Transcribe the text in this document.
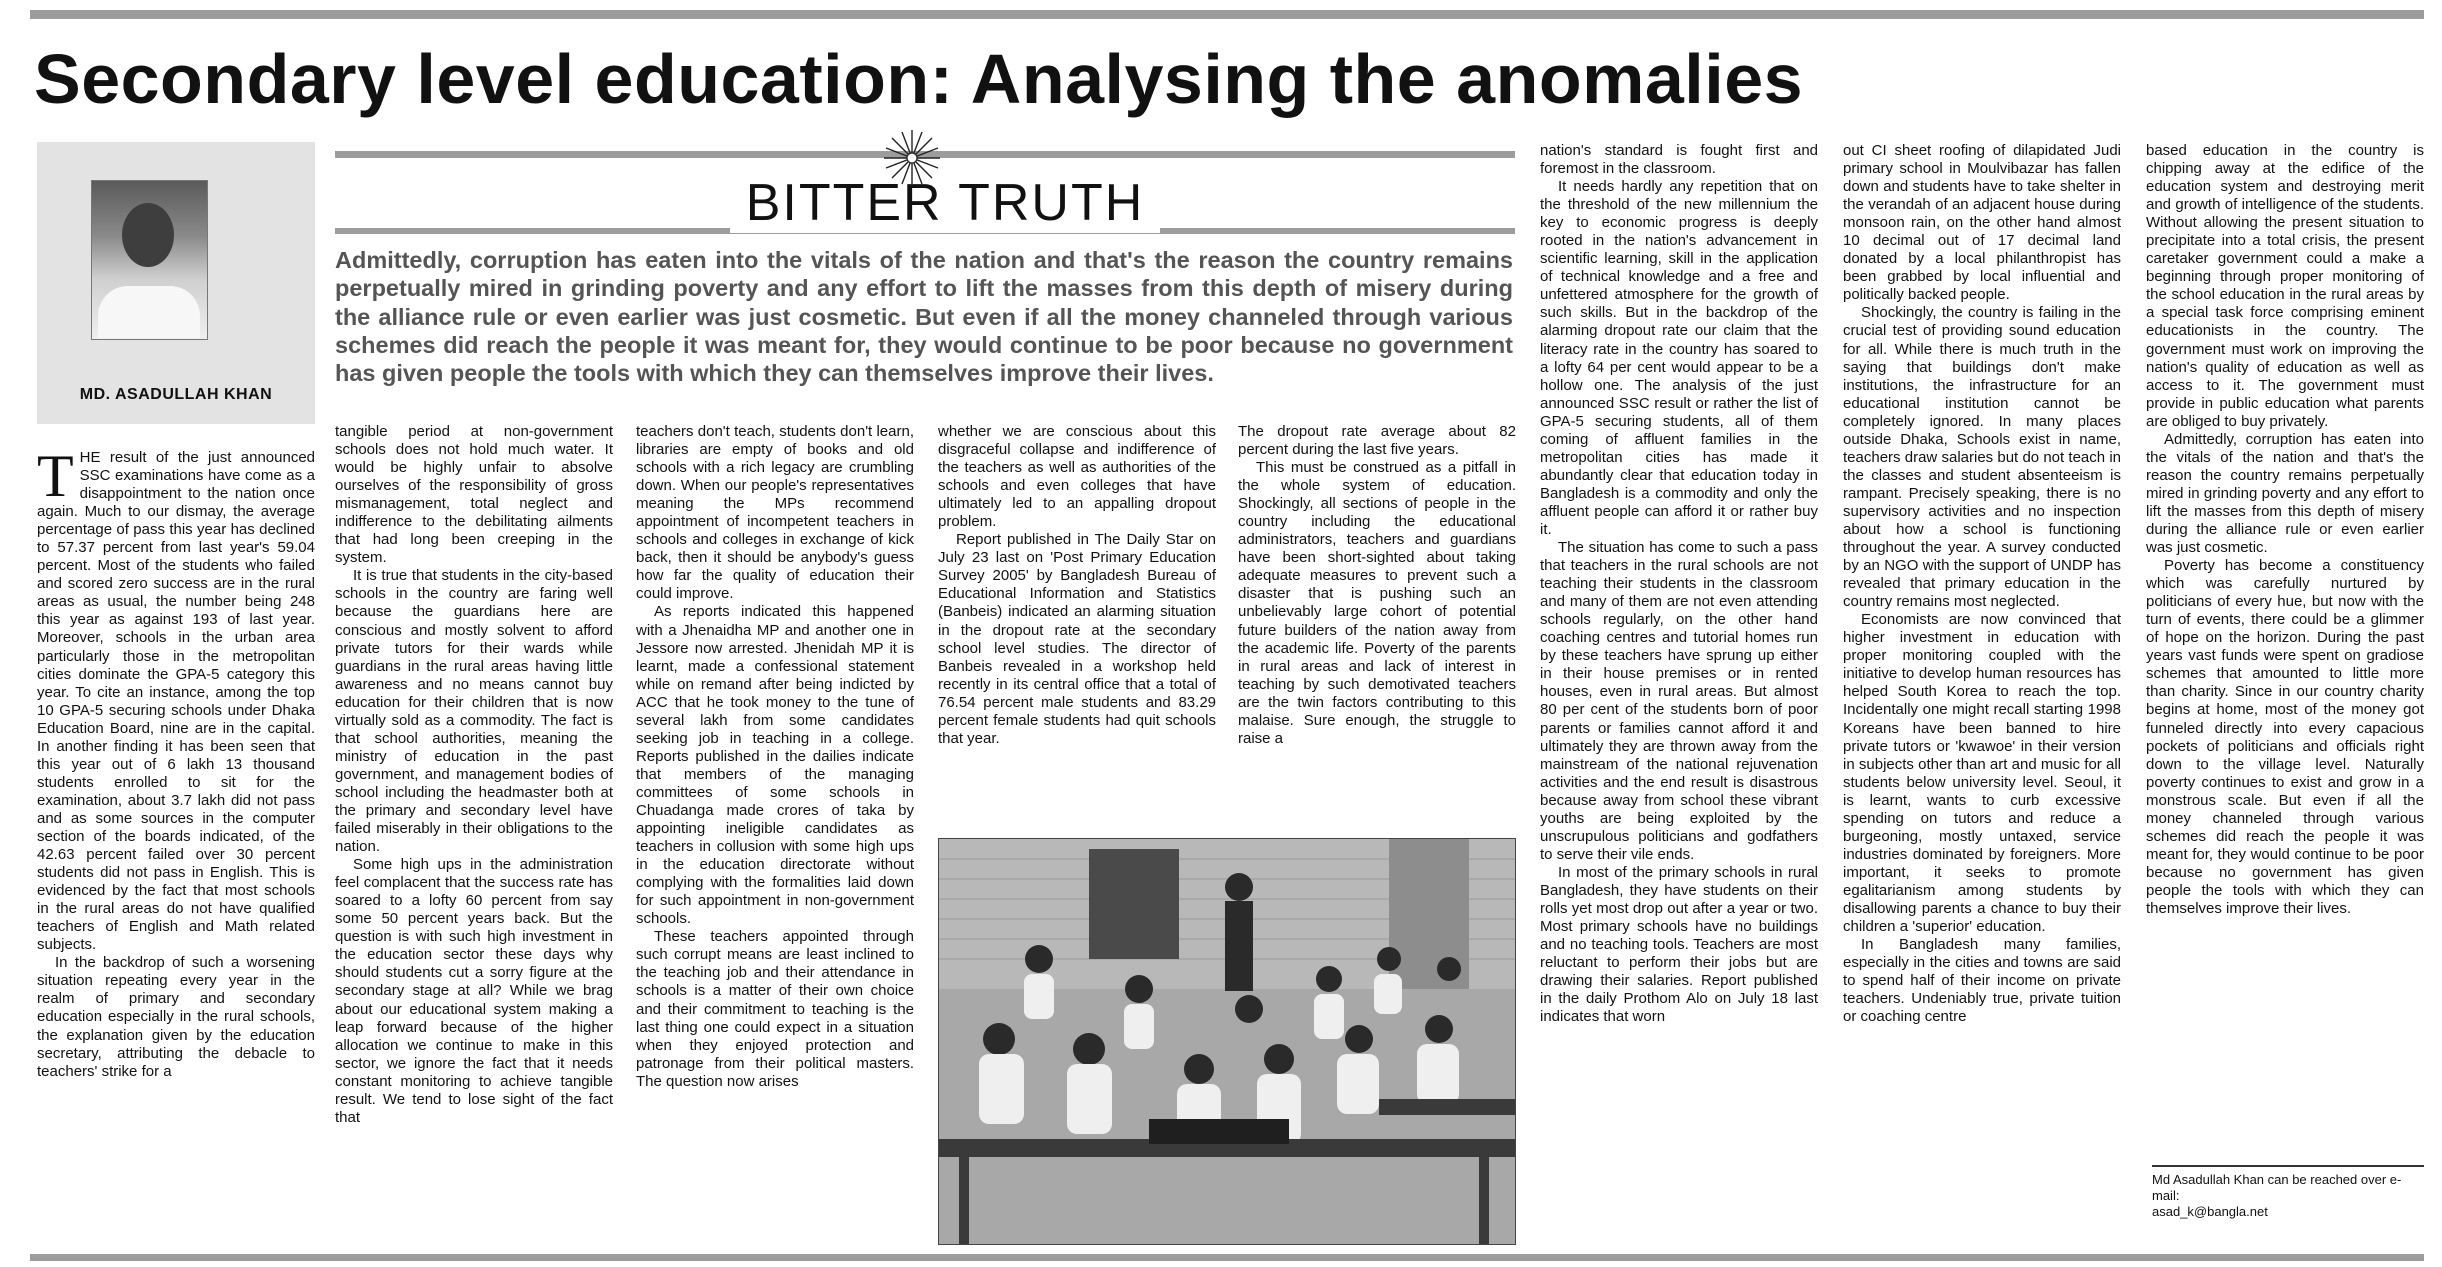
Secondary level education: Analysing the anomalies
MD. ASADULLAH KHAN
BITTER TRUTH

Admittedly, corruption has eaten into the vitals of the nation and that's the reason the country remains perpetually mired in grinding poverty and any effort to lift the masses from this depth of misery during the alliance rule or even earlier was just cosmetic. But even if all the money channeled through various schemes did reach the people it was meant for, they would continue to be poor because no government has given people the tools with which they can themselves improve their lives.

THE result of the just announced SSC examinations have come as a disappointment to the nation once again. Much to our dismay, the average percentage of pass this year has declined to 57.37 percent from last year's 59.04 percent. Most of the students who failed and scored zero success are in the rural areas as usual, the number being 248 this year as against 193 of last year. Moreover, schools in the urban area particularly those in the metropolitan cities dominate the GPA-5 category this year. To cite an instance, among the top 10 GPA-5 securing schools under Dhaka Education Board, nine are in the capital. In another finding it has been seen that this year out of 6 lakh 13 thousand students enrolled to sit for the examination, about 3.7 lakh did not pass and as some sources in the computer section of the boards indicated, of the 42.63 percent failed over 30 percent students did not pass in English. This is evidenced by the fact that most schools in the rural areas do not have qualified teachers of English and Math related subjects.

In the backdrop of such a worsening situation repeating every year in the realm of primary and secondary education especially in the rural schools, the explanation given by the education secretary, attributing the debacle to teachers' strike for a

tangible period at non-government schools does not hold much water. It would be highly unfair to absolve ourselves of the responsibility of gross mismanagement, total neglect and indifference to the debilitating ailments that had long been creeping in the system.

It is true that students in the city-based schools in the country are faring well because the guardians here are conscious and mostly solvent to afford private tutors for their wards while guardians in the rural areas having little awareness and no means cannot buy education for their children that is now virtually sold as a commodity. The fact is that school authorities, meaning the ministry of education in the past government, and management bodies of school including the headmaster both at the primary and secondary level have failed miserably in their obligations to the nation.

Some high ups in the administration feel complacent that the success rate has soared to a lofty 60 percent from say some 50 percent years back. But the question is with such high investment in the education sector these days why should students cut a sorry figure at the secondary stage at all? While we brag about our educational system making a leap forward because of the higher allocation we continue to make in this sector, we ignore the fact that it needs constant monitoring to achieve tangible result. We tend to lose sight of the fact that

teachers don't teach, students don't learn, libraries are empty of books and old schools with a rich legacy are crumbling down. When our people's representatives meaning the MPs recommend appointment of incompetent teachers in schools and colleges in exchange of kick back, then it should be anybody's guess how far the quality of education their could improve.

As reports indicated this happened with a Jhenaidha MP and another one in Jessore now arrested. Jhenidah MP it is learnt, made a confessional statement while on remand after being indicted by ACC that he took money to the tune of several lakh from some candidates seeking job in teaching in a college. Reports published in the dailies indicate that members of the managing committees of some schools in Chuadanga made crores of taka by appointing ineligible candidates as teachers in collusion with some high ups in the education directorate without complying with the formalities laid down for such appointment in non-government schools.

These teachers appointed through such corrupt means are least inclined to the teaching job and their attendance in schools is a matter of their own choice and their commitment to teaching is the last thing one could expect in a situation when they enjoyed protection and patronage from their political masters. The question now arises

whether we are conscious about this disgraceful collapse and indifference of the teachers as well as authorities of the schools and even colleges that have ultimately led to an appalling dropout problem.

Report published in The Daily Star on July 23 last on 'Post Primary Education Survey 2005' by Bangladesh Bureau of Educational Information and Statistics (Banbeis) indicated an alarming situation in the dropout rate at the secondary school level studies. The director of Banbeis revealed in a workshop held recently in its central office that a total of 76.54 percent male students and 83.29 percent female students had quit schools that year.

The dropout rate average about 82 percent during the last five years.

This must be construed as a pitfall in the whole system of education. Shockingly, all sections of people in the country including the educational administrators, teachers and guardians have been short-sighted about taking adequate measures to prevent such a disaster that is pushing such an unbelievably large cohort of potential future builders of the nation away from the academic life. Poverty of the parents in rural areas and lack of interest in teaching by such demotivated teachers are the twin factors contributing to this malaise. Sure enough, the struggle to raise a

nation's standard is fought first and foremost in the classroom.

It needs hardly any repetition that on the threshold of the new millennium the key to economic progress is deeply rooted in the nation's advancement in scientific learning, skill in the application of technical knowledge and a free and unfettered atmosphere for the growth of such skills. But in the backdrop of the alarming dropout rate our claim that the literacy rate in the country has soared to a lofty 64 per cent would appear to be a hollow one. The analysis of the just announced SSC result or rather the list of GPA-5 securing students, all of them coming of affluent families in the metropolitan cities has made it abundantly clear that education today in Bangladesh is a commodity and only the affluent people can afford it or rather buy it.

The situation has come to such a pass that teachers in the rural schools are not teaching their students in the classroom and many of them are not even attending schools regularly, on the other hand coaching centres and tutorial homes run by these teachers have sprung up either in their house premises or in rented houses, even in rural areas. But almost 80 per cent of the students born of poor parents or families cannot afford it and ultimately they are thrown away from the mainstream of the national rejuvenation activities and the end result is disastrous because away from school these vibrant youths are being exploited by the unscrupulous politicians and godfathers to serve their vile ends.

In most of the primary schools in rural Bangladesh, they have students on their rolls yet most drop out after a year or two. Most primary schools have no buildings and no teaching tools. Teachers are most reluctant to perform their jobs but are drawing their salaries. Report published in the daily Prothom Alo on July 18 last indicates that worn

out CI sheet roofing of dilapidated Judi primary school in Moulvibazar has fallen down and students have to take shelter in the verandah of an adjacent house during monsoon rain, on the other hand almost 10 decimal out of 17 decimal land donated by a local philanthropist has been grabbed by local influential and politically backed people.

Shockingly, the country is failing in the crucial test of providing sound education for all. While there is much truth in the saying that buildings don't make institutions, the infrastructure for an educational institution cannot be completely ignored. In many places outside Dhaka, Schools exist in name, teachers draw salaries but do not teach in the classes and student absenteeism is rampant. Precisely speaking, there is no supervisory activities and no inspection about how a school is functioning throughout the year. A survey conducted by an NGO with the support of UNDP has revealed that primary education in the country remains most neglected.

Economists are now convinced that higher investment in education with proper monitoring coupled with the initiative to develop human resources has helped South Korea to reach the top. Incidentally one might recall starting 1998 Koreans have been banned to hire private tutors or 'kwawoe' in their version in subjects other than art and music for all students below university level. Seoul, it is learnt, wants to curb excessive spending on tutors and reduce a burgeoning, mostly untaxed, service industries dominated by foreigners. More important, it seeks to promote egalitarianism among students by disallowing parents a chance to buy their children a 'superior' education.

In Bangladesh many families, especially in the cities and towns are said to spend half of their income on private teachers. Undeniably true, private tuition or coaching centre

based education in the country is chipping away at the edifice of the education system and destroying merit and growth of intelligence of the students. Without allowing the present situation to precipitate into a total crisis, the present caretaker government could a make a beginning through proper monitoring of the school education in the rural areas by a special task force comprising eminent educationists in the country. The government must work on improving the nation's quality of education as well as access to it. The government must provide in public education what parents are obliged to buy privately.

Admittedly, corruption has eaten into the vitals of the nation and that's the reason the country remains perpetually mired in grinding poverty and any effort to lift the masses from this depth of misery during the alliance rule or even earlier was just cosmetic.

Poverty has become a constituency which was carefully nurtured by politicians of every hue, but now with the turn of events, there could be a glimmer of hope on the horizon. During the past years vast funds were spent on gradiose schemes that amounted to little more than charity. Since in our country charity begins at home, most of the money got funneled directly into every capacious pockets of politicians and officials right down to the village level. Naturally poverty continues to exist and grow in a monstrous scale. But even if all the money channeled through various schemes did reach the people it was meant for, they would continue to be poor because no government has given people the tools with which they can themselves improve their lives.

Md Asadullah Khan can be reached over e-mail:
asad_k@bangla.net
